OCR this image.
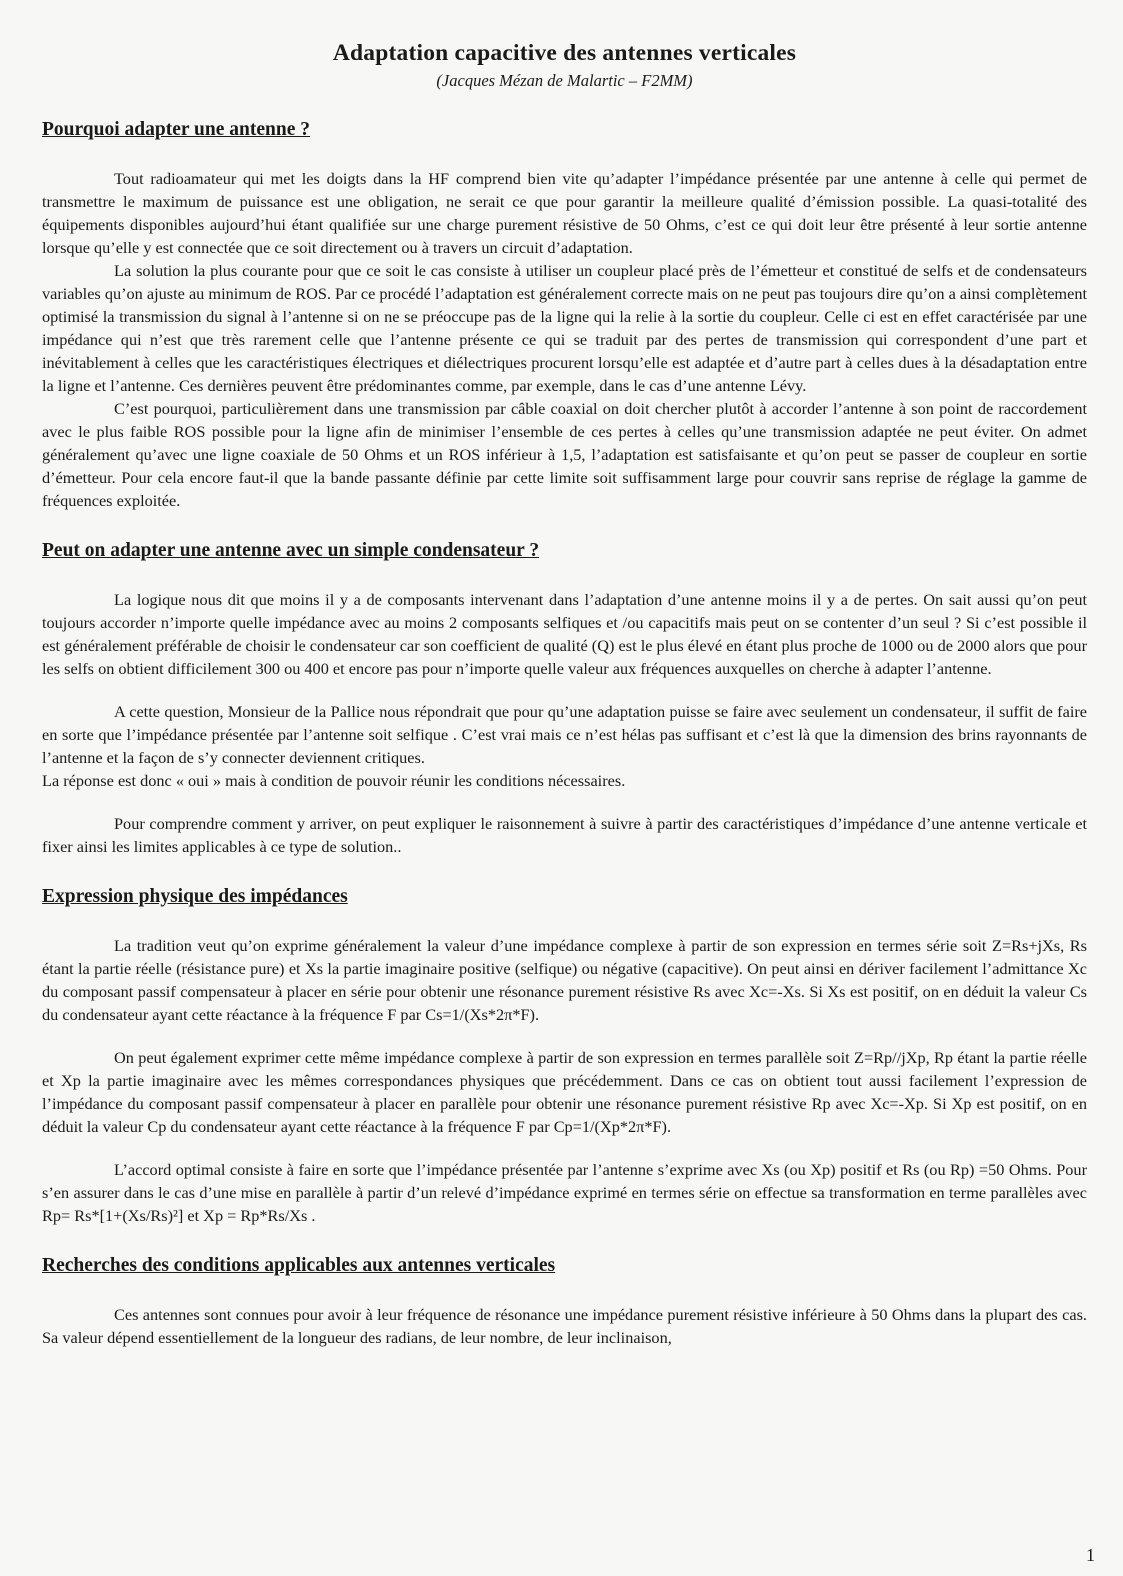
Adaptation capacitive des antennes verticales
(Jacques Mézan de Malartic – F2MM)
Pourquoi adapter une antenne ?

Tout radioamateur qui met les doigts dans la HF comprend bien vite qu’adapter l’impédance présentée par une antenne à celle qui permet de transmettre le maximum de puissance est une obligation, ne serait ce que pour garantir la meilleure qualité d’émission possible. La quasi-totalité des équipements disponibles aujourd’hui étant qualifiée sur une charge purement résistive de 50 Ohms, c’est ce qui doit leur être présenté à leur sortie antenne lorsque qu’elle y est connectée que ce soit directement ou à travers un circuit d’adaptation.

La solution la plus courante pour que ce soit le cas consiste à utiliser un coupleur placé près de l’émetteur et constitué de selfs et de condensateurs variables qu’on ajuste au minimum de ROS. Par ce procédé l’adaptation est généralement correcte mais on ne peut pas toujours dire qu’on a ainsi complètement optimisé la transmission du signal à l’antenne si on ne se préoccupe pas de la ligne qui la relie à la sortie du coupleur. Celle ci est en effet caractérisée par une impédance qui n’est que très rarement celle que l’antenne présente ce qui se traduit par des pertes de transmission qui correspondent d’une part et inévitablement à celles que les caractéristiques électriques et diélectriques procurent lorsqu’elle est adaptée et d’autre part à celles dues à la désadaptation entre la ligne et l’antenne. Ces dernières peuvent être prédominantes comme, par exemple, dans le cas d’une antenne Lévy.

C’est pourquoi, particulièrement dans une transmission par câble coaxial on doit chercher plutôt à accorder l’antenne à son point de raccordement avec le plus faible ROS possible pour la ligne afin de minimiser l’ensemble de ces pertes à celles qu’une transmission adaptée ne peut éviter. On admet généralement qu’avec une ligne coaxiale de 50 Ohms et un ROS inférieur à 1,5, l’adaptation est satisfaisante et qu’on peut se passer de coupleur en sortie d’émetteur. Pour cela encore faut-il que la bande passante définie par cette limite soit suffisamment large pour couvrir sans reprise de réglage la gamme de fréquences exploitée.

Peut on adapter une antenne avec un simple condensateur ?

La logique nous dit que moins il y a de composants intervenant dans l’adaptation d’une antenne moins il y a de pertes. On sait aussi qu’on peut toujours accorder n’importe quelle impédance avec au moins 2 composants selfiques et /ou capacitifs mais peut on se contenter d’un seul ? Si c’est possible il est généralement préférable de choisir le condensateur car son coefficient de qualité (Q) est le plus élevé en étant plus proche de 1000 ou de 2000 alors que pour les selfs on obtient difficilement 300 ou 400 et encore pas pour n’importe quelle valeur aux fréquences auxquelles on cherche à adapter l’antenne.

A cette question, Monsieur de la Pallice nous répondrait que pour qu’une adaptation puisse se faire avec seulement un condensateur, il suffit de faire en sorte que l’impédance présentée par l’antenne soit selfique . C’est vrai mais ce n’est hélas pas suffisant et c’est là que la dimension des brins rayonnants de l’antenne et la façon de s’y connecter deviennent critiques.

La réponse est donc « oui » mais à condition de pouvoir réunir les conditions nécessaires.

Pour comprendre comment y arriver, on peut expliquer le raisonnement à suivre à partir des caractéristiques d’impédance d’une antenne verticale et fixer ainsi les limites applicables à ce type de solution..

Expression physique des impédances

La tradition veut qu’on exprime généralement la valeur d’une impédance complexe à partir de son expression en termes série soit Z=Rs+jXs, Rs étant la partie réelle (résistance pure) et Xs la partie imaginaire positive (selfique) ou négative (capacitive). On peut ainsi en dériver facilement l’admittance Xc du composant passif compensateur à placer en série pour obtenir une résonance purement résistive Rs avec Xc=-Xs. Si Xs est positif, on en déduit la valeur Cs du condensateur ayant cette réactance à la fréquence F par Cs=1/(Xs*2π*F).

On peut également exprimer cette même impédance complexe à partir de son expression en termes parallèle soit Z=Rp//jXp, Rp étant la partie réelle et Xp la partie imaginaire avec les mêmes correspondances physiques que précédemment. Dans ce cas on obtient tout aussi facilement l’expression de l’impédance du composant passif compensateur à placer en parallèle pour obtenir une résonance purement résistive Rp avec Xc=-Xp. Si Xp est positif, on en déduit la valeur Cp du condensateur ayant cette réactance à la fréquence F par Cp=1/(Xp*2π*F).

L’accord optimal consiste à faire en sorte que l’impédance présentée par l’antenne s’exprime avec Xs (ou Xp) positif et Rs (ou Rp) =50 Ohms. Pour s’en assurer dans le cas d’une mise en parallèle à partir d’un relevé d’impédance exprimé en termes série on effectue sa transformation en terme parallèles avec Rp= Rs*[1+(Xs/Rs)²] et Xp = Rp*Rs/Xs .

Recherches des conditions applicables aux antennes verticales

Ces antennes sont connues pour avoir à leur fréquence de résonance une impédance purement résistive inférieure à 50 Ohms dans la plupart des cas. Sa valeur dépend essentiellement de la longueur des radians, de leur nombre, de leur inclinaison,

1
